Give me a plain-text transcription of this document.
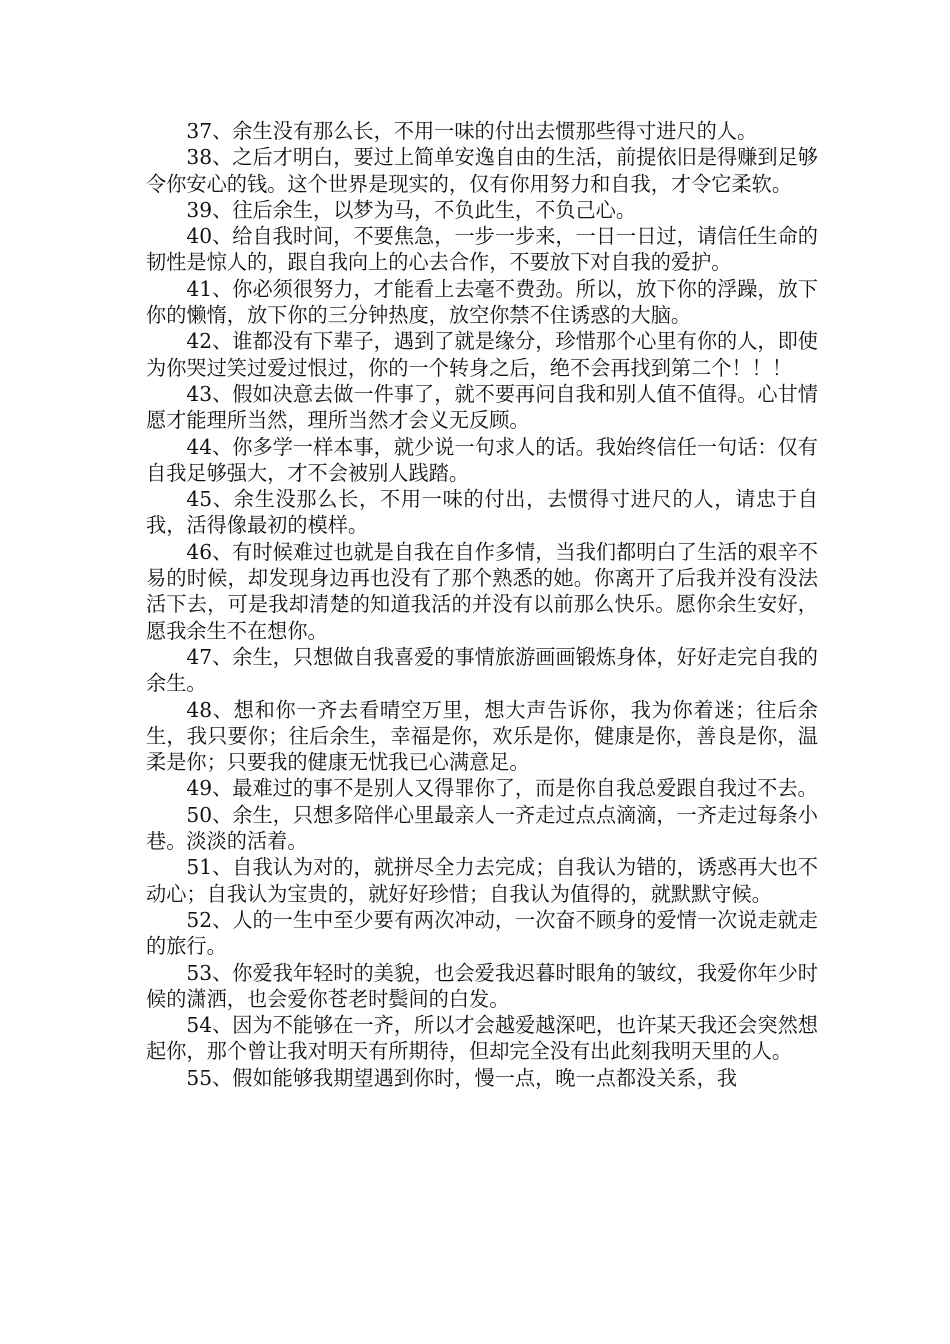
37、余生没有那么长，不用一味的付出去惯那些得寸进尺的人。

38、之后才明白，要过上简单安逸自由的生活，前提依旧是得赚到足够令你安心的钱。这个世界是现实的，仅有你用努力和自我，才令它柔软。

39、往后余生，以梦为马，不负此生，不负己心。

40、给自我时间，不要焦急，一步一步来，一日一日过，请信任生命的韧性是惊人的，跟自我向上的心去合作，不要放下对自我的爱护。

41、你必须很努力，才能看上去毫不费劲。所以，放下你的浮躁，放下你的懒惰，放下你的三分钟热度，放空你禁不住诱惑的大脑。

42、谁都没有下辈子，遇到了就是缘分，珍惜那个心里有你的人，即使为你哭过笑过爱过恨过，你的一个转身之后，绝不会再找到第二个！！！

43、假如决意去做一件事了，就不要再问自我和别人值不值得。心甘情愿才能理所当然，理所当然才会义无反顾。

44、你多学一样本事，就少说一句求人的话。我始终信任一句话：仅有自我足够强大，才不会被别人践踏。

45、余生没那么长，不用一味的付出，去惯得寸进尺的人，请忠于自我，活得像最初的模样。

46、有时候难过也就是自我在自作多情，当我们都明白了生活的艰辛不易的时候，却发现身边再也没有了那个熟悉的她。你离开了后我并没有没法活下去，可是我却清楚的知道我活的并没有以前那么快乐。愿你余生安好，愿我余生不在想你。

47、余生，只想做自我喜爱的事情旅游画画锻炼身体，好好走完自我的余生。

48、想和你一齐去看晴空万里，想大声告诉你，我为你着迷；往后余生，我只要你；往后余生，幸福是你，欢乐是你，健康是你，善良是你，温柔是你；只要我的健康无忧我已心满意足。

49、最难过的事不是别人又得罪你了，而是你自我总爱跟自我过不去。

50、余生，只想多陪伴心里最亲人一齐走过点点滴滴，一齐走过每条小巷。淡淡的活着。

51、自我认为对的，就拼尽全力去完成；自我认为错的，诱惑再大也不动心；自我认为宝贵的，就好好珍惜；自我认为值得的，就默默守候。

52、人的一生中至少要有两次冲动，一次奋不顾身的爱情一次说走就走的旅行。

53、你爱我年轻时的美貌，也会爱我迟暮时眼角的皱纹，我爱你年少时候的潇洒，也会爱你苍老时鬓间的白发。

54、因为不能够在一齐，所以才会越爱越深吧，也许某天我还会突然想起你，那个曾让我对明天有所期待，但却完全没有出此刻我明天里的人。

55、假如能够我期望遇到你时，慢一点，晚一点都没关系，我
